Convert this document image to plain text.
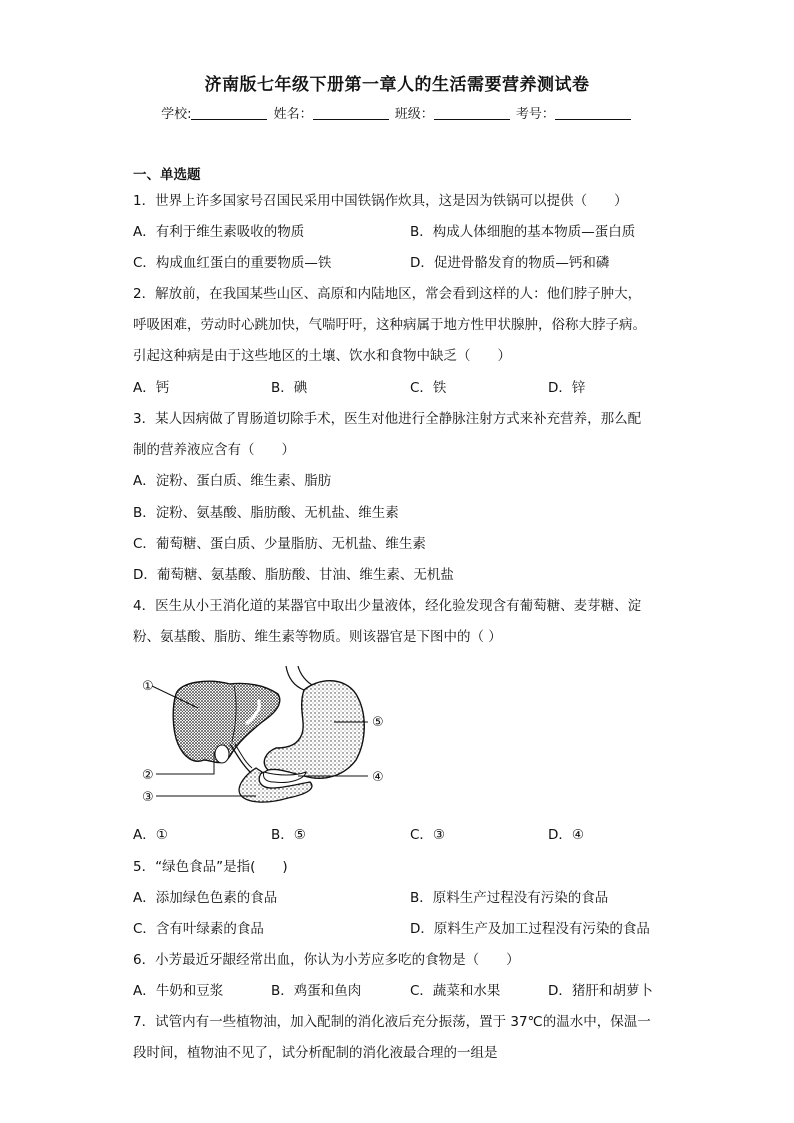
济南版七年级下册第一章人的生活需要营养测试卷
学校:	姓名：	班级：	考号：
一、单选题
1．世界上许多国家号召国民采用中国铁锅作炊具，这是因为铁锅可以提供（　　）
A．有利于维生素吸收的物质	B．构成人体细胞的基本物质—蛋白质
C．构成血红蛋白的重要物质—铁	D．促进骨骼发育的物质—钙和磷
2．解放前，在我国某些山区、高原和内陆地区，常会看到这样的人：他们脖子肿大，
呼吸困难，劳动时心跳加快，气喘吁吁，这种病属于地方性甲状腺肿，俗称大脖子病。
引起这种病是由于这些地区的土壤、饮水和食物中缺乏（　　）
A．钙	B．碘	C．铁	D．锌
3．某人因病做了胃肠道切除手术，医生对他进行全静脉注射方式来补充营养，那么配
制的营养液应含有（　　）
A．淀粉、蛋白质、维生素、脂肪
B．淀粉、氨基酸、脂肪酸、无机盐、维生素
C．葡萄糖、蛋白质、少量脂肪、无机盐、维生素
D．葡萄糖、氨基酸、脂肪酸、甘油、维生素、无机盐
4．医生从小王消化道的某器官中取出少量液体，经化验发现含有葡萄糖、麦芽糖、淀
粉、氨基酸、脂肪、维生素等物质。则该器官是下图中的（ ）
①
②
③
④
⑤
A．①	B．⑤	C．③	D．④
5．“绿色食品”是指(　　)
A．添加绿色色素的食品	B．原料生产过程没有污染的食品
C．含有叶绿素的食品	D．原料生产及加工过程没有污染的食品
6．小芳最近牙龈经常出血，你认为小芳应多吃的食物是（　　）
A．牛奶和豆浆	B．鸡蛋和鱼肉	C．蔬菜和水果	D．猪肝和胡萝卜
7．试管内有一些植物油，加入配制的消化液后充分振荡，置于 37℃的温水中，保温一
段时间，植物油不见了，试分析配制的消化液最合理的一组是
